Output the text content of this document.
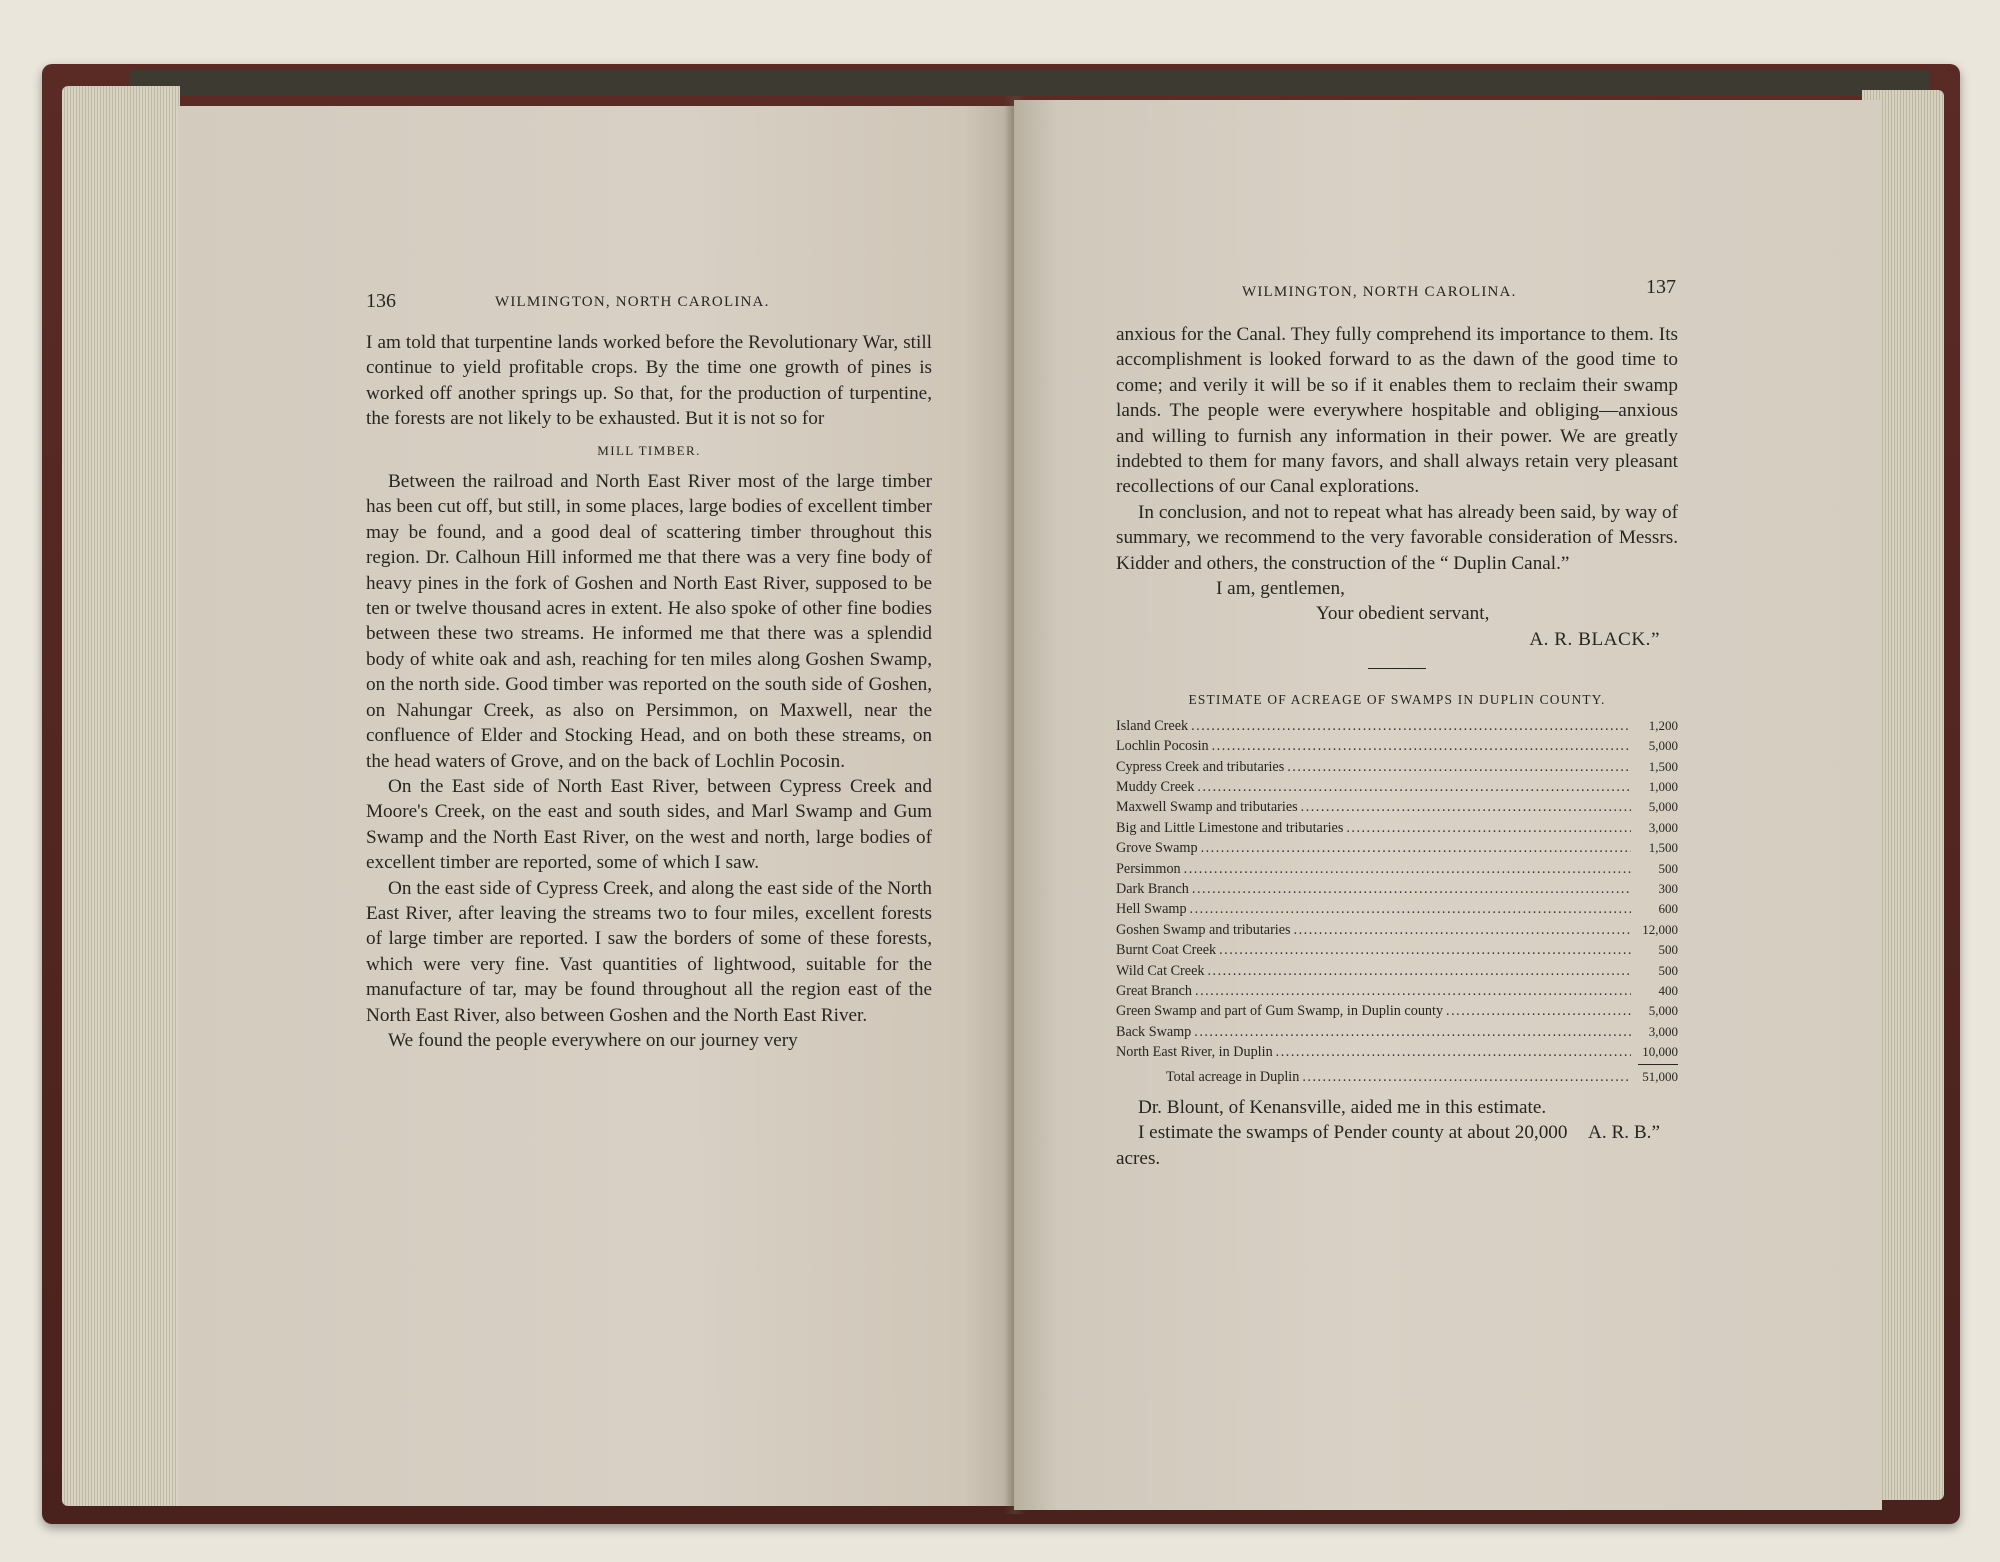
136	WILMINGTON, NORTH CAROLINA.

I am told that turpentine lands worked before the Revolutionary War, still continue to yield profitable crops. By the time one growth of pines is worked off another springs up. So that, for the production of turpentine, the forests are not likely to be exhausted. But it is not so for

MILL TIMBER.

Between the railroad and North East River most of the large timber has been cut off, but still, in some places, large bodies of excellent timber may be found, and a good deal of scattering timber throughout this region. Dr. Calhoun Hill informed me that there was a very fine body of heavy pines in the fork of Goshen and North East River, supposed to be ten or twelve thousand acres in extent. He also spoke of other fine bodies between these two streams. He informed me that there was a splendid body of white oak and ash, reaching for ten miles along Goshen Swamp, on the north side. Good timber was reported on the south side of Goshen, on Nahungar Creek, as also on Persimmon, on Maxwell, near the confluence of Elder and Stocking Head, and on both these streams, on the head waters of Grove, and on the back of Lochlin Pocosin.

On the East side of North East River, between Cypress Creek and Moore's Creek, on the east and south sides, and Marl Swamp and Gum Swamp and the North East River, on the west and north, large bodies of excellent timber are reported, some of which I saw.

On the east side of Cypress Creek, and along the east side of the North East River, after leaving the streams two to four miles, excellent forests of large timber are reported. I saw the borders of some of these forests, which were very fine. Vast quantities of lightwood, suitable for the manufacture of tar, may be found throughout all the region east of the North East River, also between Goshen and the North East River.

We found the people everywhere on our journey very

WILMINGTON, NORTH CAROLINA.	137

anxious for the Canal. They fully comprehend its importance to them. Its accomplishment is looked forward to as the dawn of the good time to come; and verily it will be so if it enables them to reclaim their swamp lands. The people were everywhere hospitable and obliging—anxious and willing to furnish any information in their power. We are greatly indebted to them for many favors, and shall always retain very pleasant recollections of our Canal explorations.

In conclusion, and not to repeat what has already been said, by way of summary, we recommend to the very favorable consideration of Messrs. Kidder and others, the construction of the “ Duplin Canal.”

I am, gentlemen,
Your obedient servant,
A. R. BLACK.”
ESTIMATE OF ACREAGE OF SWAMPS IN DUPLIN COUNTY.
Island Creek .....	1,200
Lochlin Pocosin .....	5,000
Cypress Creek and tributaries .....	1,500
Muddy Creek .....	1,000
Maxwell Swamp and tributaries .....	5,000
Big and Little Limestone and tributaries .....	3,000
Grove Swamp .....	1,500
Persimmon .....	500
Dark Branch .....	300
Hell Swamp .....	600
Goshen Swamp and tributaries .....	12,000
Burnt Coat Creek .....	500
Wild Cat Creek .....	500
Great Branch .....	400
Green Swamp and part of Gum Swamp, in Duplin county .....	5,000
Back Swamp .....	3,000
North East River, in Duplin .....	10,000
Total acreage in Duplin .....	51,000

Dr. Blount, of Kenansville, aided me in this estimate.

I estimate the swamps of Pender county at about 20,000

acres.
A. R. B.”
